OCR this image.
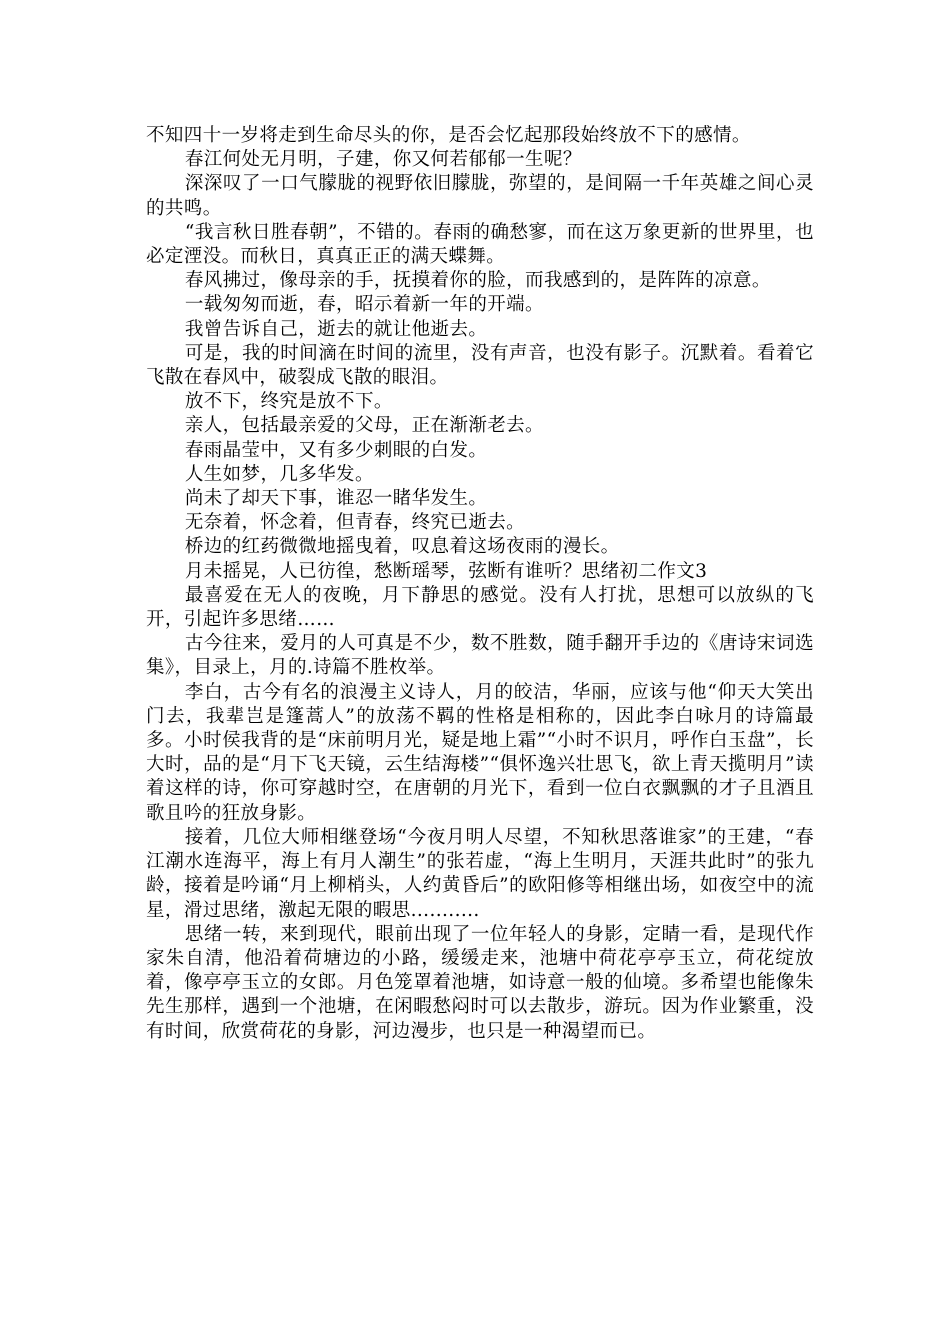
不知四十一岁将走到生命尽头的你，是否会忆起那段始终放不下的感情。

春江何处无月明，子建，你又何若郁郁一生呢？

深深叹了一口气朦胧的视野依旧朦胧，弥望的，是间隔一千年英雄之间心灵的共鸣。

“我言秋日胜春朝”，不错的。春雨的确愁寥，而在这万象更新的世界里，也必定湮没。而秋日，真真正正的满天蝶舞。

春风拂过，像母亲的手，抚摸着你的脸，而我感到的，是阵阵的凉意。

一载匆匆而逝，春，昭示着新一年的开端。

我曾告诉自己，逝去的就让他逝去。

可是，我的时间滴在时间的流里，没有声音，也没有影子。沉默着。看着它飞散在春风中，破裂成飞散的眼泪。

放不下，终究是放不下。

亲人，包括最亲爱的父母，正在渐渐老去。

春雨晶莹中，又有多少刺眼的白发。

人生如梦，几多华发。

尚未了却天下事，谁忍一睹华发生。

无奈着，怀念着，但青春，终究已逝去。

桥边的红药微微地摇曳着，叹息着这场夜雨的漫长。

月未摇晃，人已彷徨，愁断瑶琴，弦断有谁听？思绪初二作文3

最喜爱在无人的夜晚，月下静思的感觉。没有人打扰，思想可以放纵的飞开，引起许多思绪……

古今往来，爱月的人可真是不少，数不胜数，随手翻开手边的《唐诗宋词选集》，目录上，月的.诗篇不胜枚举。

李白，古今有名的浪漫主义诗人，月的皎洁，华丽，应该与他“仰天大笑出门去，我辈岂是篷蒿人”的放荡不羁的性格是相称的，因此李白咏月的诗篇最多。小时侯我背的是“床前明月光，疑是地上霜”“小时不识月，呼作白玉盘”，长大时，品的是“月下飞天镜，云生结海楼”“俱怀逸兴壮思飞，欲上青天揽明月”读着这样的诗，你可穿越时空，在唐朝的月光下，看到一位白衣飘飘的才子且酒且歌且吟的狂放身影。

接着，几位大师相继登场“今夜月明人尽望，不知秋思落谁家”的王建，“春江潮水连海平，海上有月人潮生”的张若虚，“海上生明月，天涯共此时”的张九龄，接着是吟诵“月上柳梢头，人约黄昏后”的欧阳修等相继出场，如夜空中的流星，滑过思绪，激起无限的暇思...........

思绪一转，来到现代，眼前出现了一位年轻人的身影，定睛一看，是现代作家朱自清，他沿着荷塘边的小路，缓缓走来，池塘中荷花亭亭玉立，荷花绽放着，像亭亭玉立的女郎。月色笼罩着池塘，如诗意一般的仙境。多希望也能像朱先生那样，遇到一个池塘，在闲暇愁闷时可以去散步，游玩。因为作业繁重，没有时间，欣赏荷花的身影，河边漫步，也只是一种渴望而已。
